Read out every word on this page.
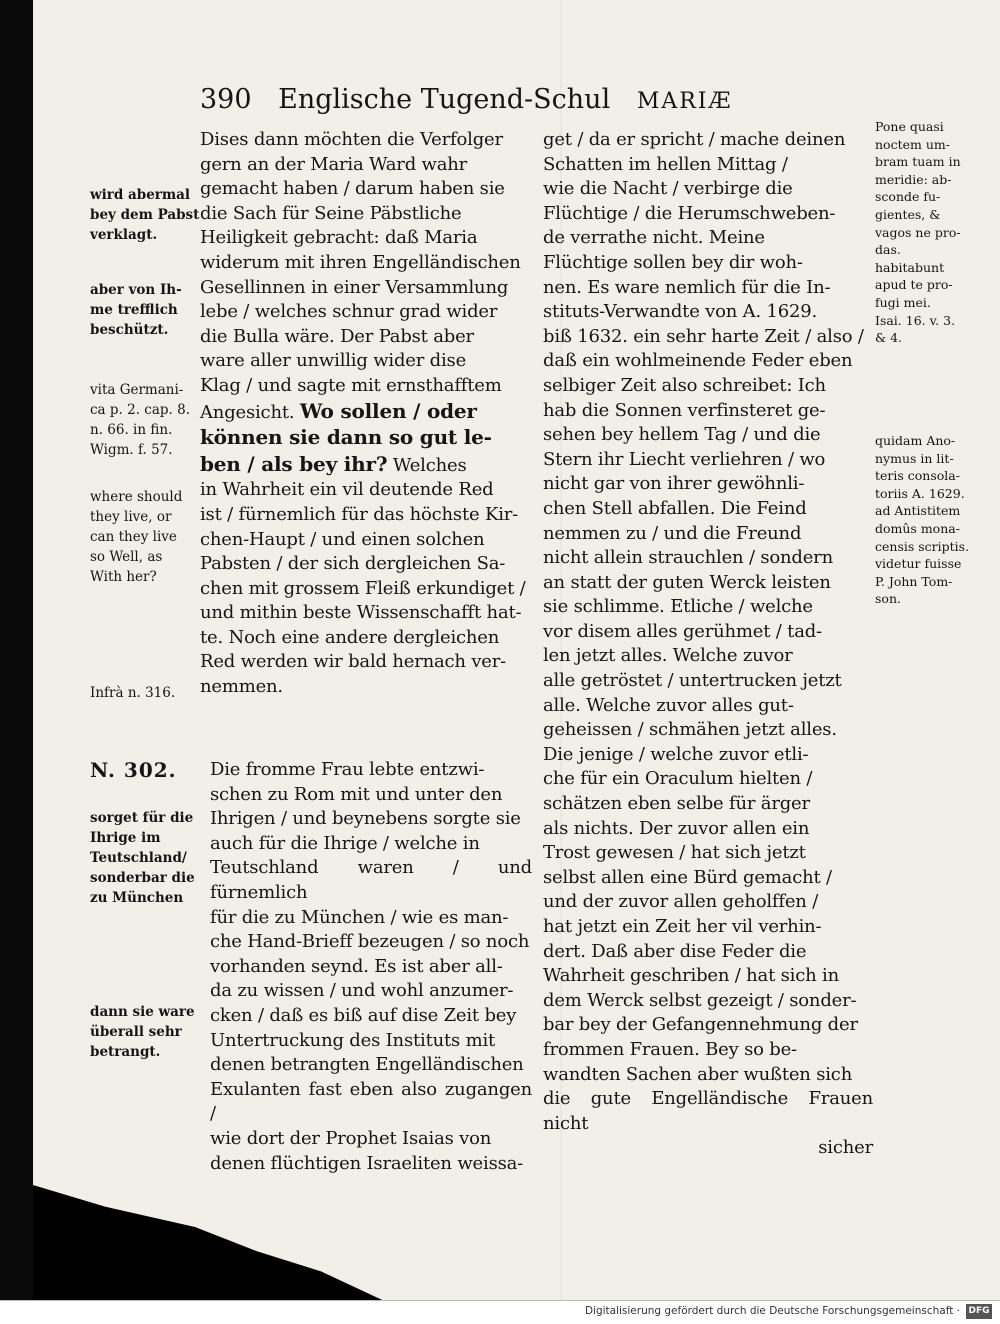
390 Englische Tugend-Schul MARIÆ
wird abermal
bey dem Pabst
verklagt.
aber von Ih-
me trefflich
beschützt.
vita Germani-
ca p. 2. cap. 8.
n. 66. in fin.
Wigm. f. 57.
where should
they live, or
can they live
so Well, as
With her?
Infrà n. 316.
N. 302.
sorget für die
Ihrige im
Teutschland/
sonderbar die
zu München
dann sie ware
überall sehr
betrangt.
Pone quasi
noctem um-
bram tuam in
meridie: ab-
sconde fu-
gientes, &
vagos ne pro-
das.
habitabunt
apud te pro-
fugi mei.
Isai. 16. v. 3.
& 4.
quidam Ano-
nymus in lit-
teris consola-
toriis A. 1629.
ad Antistitem
domûs mona-
censis scriptis.
videtur fuisse
P. John Tom-
son.
Dises dann möchten die Verfolger
gern an der Maria Ward wahr
gemacht haben / darum haben sie
die Sach für Seine Päbstliche
Heiligkeit gebracht: daß Maria
widerum mit ihren Engelländischen
Gesellinnen in einer Versammlung
lebe / welches schnur grad wider
die Bulla wäre. Der Pabst aber
ware aller unwillig wider dise
Klag / und sagte mit ernsthafftem
Angesicht. Wo sollen / oder
können sie dann so gut le-
ben / als bey ihr? Welches
in Wahrheit ein vil deutende Red
ist / fürnemlich für das höchste Kir-
chen-Haupt / und einen solchen
Pabsten / der sich dergleichen Sa-
chen mit grossem Fleiß erkundiget /
und mithin beste Wissenschafft hat-
te. Noch eine andere dergleichen
Red werden wir bald hernach ver-
nemmen.
Die fromme Frau lebte entzwi-
schen zu Rom mit und unter den
Ihrigen / und beynebens sorgte sie
auch für die Ihrige / welche in
Teutschland waren / und fürnemlich
für die zu München / wie es man-
che Hand-Brieff bezeugen / so noch
vorhanden seynd. Es ist aber all-
da zu wissen / und wohl anzumer-
cken / daß es biß auf dise Zeit bey
Untertruckung des Instituts mit
denen betrangten Engelländischen
Exulanten fast eben also zugangen /
wie dort der Prophet Isaias von
denen flüchtigen Israeliten weissa-
get / da er spricht / mache deinen
Schatten im hellen Mittag /
wie die Nacht / verbirge die
Flüchtige / die Herumschweben-
de verrathe nicht. Meine
Flüchtige sollen bey dir woh-
nen. Es ware nemlich für die In-
stituts-Verwandte von A. 1629.
biß 1632. ein sehr harte Zeit / also /
daß ein wohlmeinende Feder eben
selbiger Zeit also schreibet: Ich
hab die Sonnen verfinsteret ge-
sehen bey hellem Tag / und die
Stern ihr Liecht verliehren / wo
nicht gar von ihrer gewöhnli-
chen Stell abfallen. Die Feind
nemmen zu / und die Freund
nicht allein strauchlen / sondern
an statt der guten Werck leisten
sie schlimme. Etliche / welche
vor disem alles gerühmet / tad-
len jetzt alles. Welche zuvor
alle getröstet / untertrucken jetzt
alle. Welche zuvor alles gut-
geheissen / schmähen jetzt alles.
Die jenige / welche zuvor etli-
che für ein Oraculum hielten /
schätzen eben selbe für ärger
als nichts. Der zuvor allen ein
Trost gewesen / hat sich jetzt
selbst allen eine Bürd gemacht /
und der zuvor allen geholffen /
hat jetzt ein Zeit her vil verhin-
dert. Daß aber dise Feder die
Wahrheit geschriben / hat sich in
dem Werck selbst gezeigt / sonder-
bar bey der Gefangennehmung der
frommen Frauen. Bey so be-
wandten Sachen aber wußten sich
die gute Engelländische Frauen nicht

sicher
Digitalisierung gefördert durch die Deutsche Forschungsgemeinschaft · DFG
